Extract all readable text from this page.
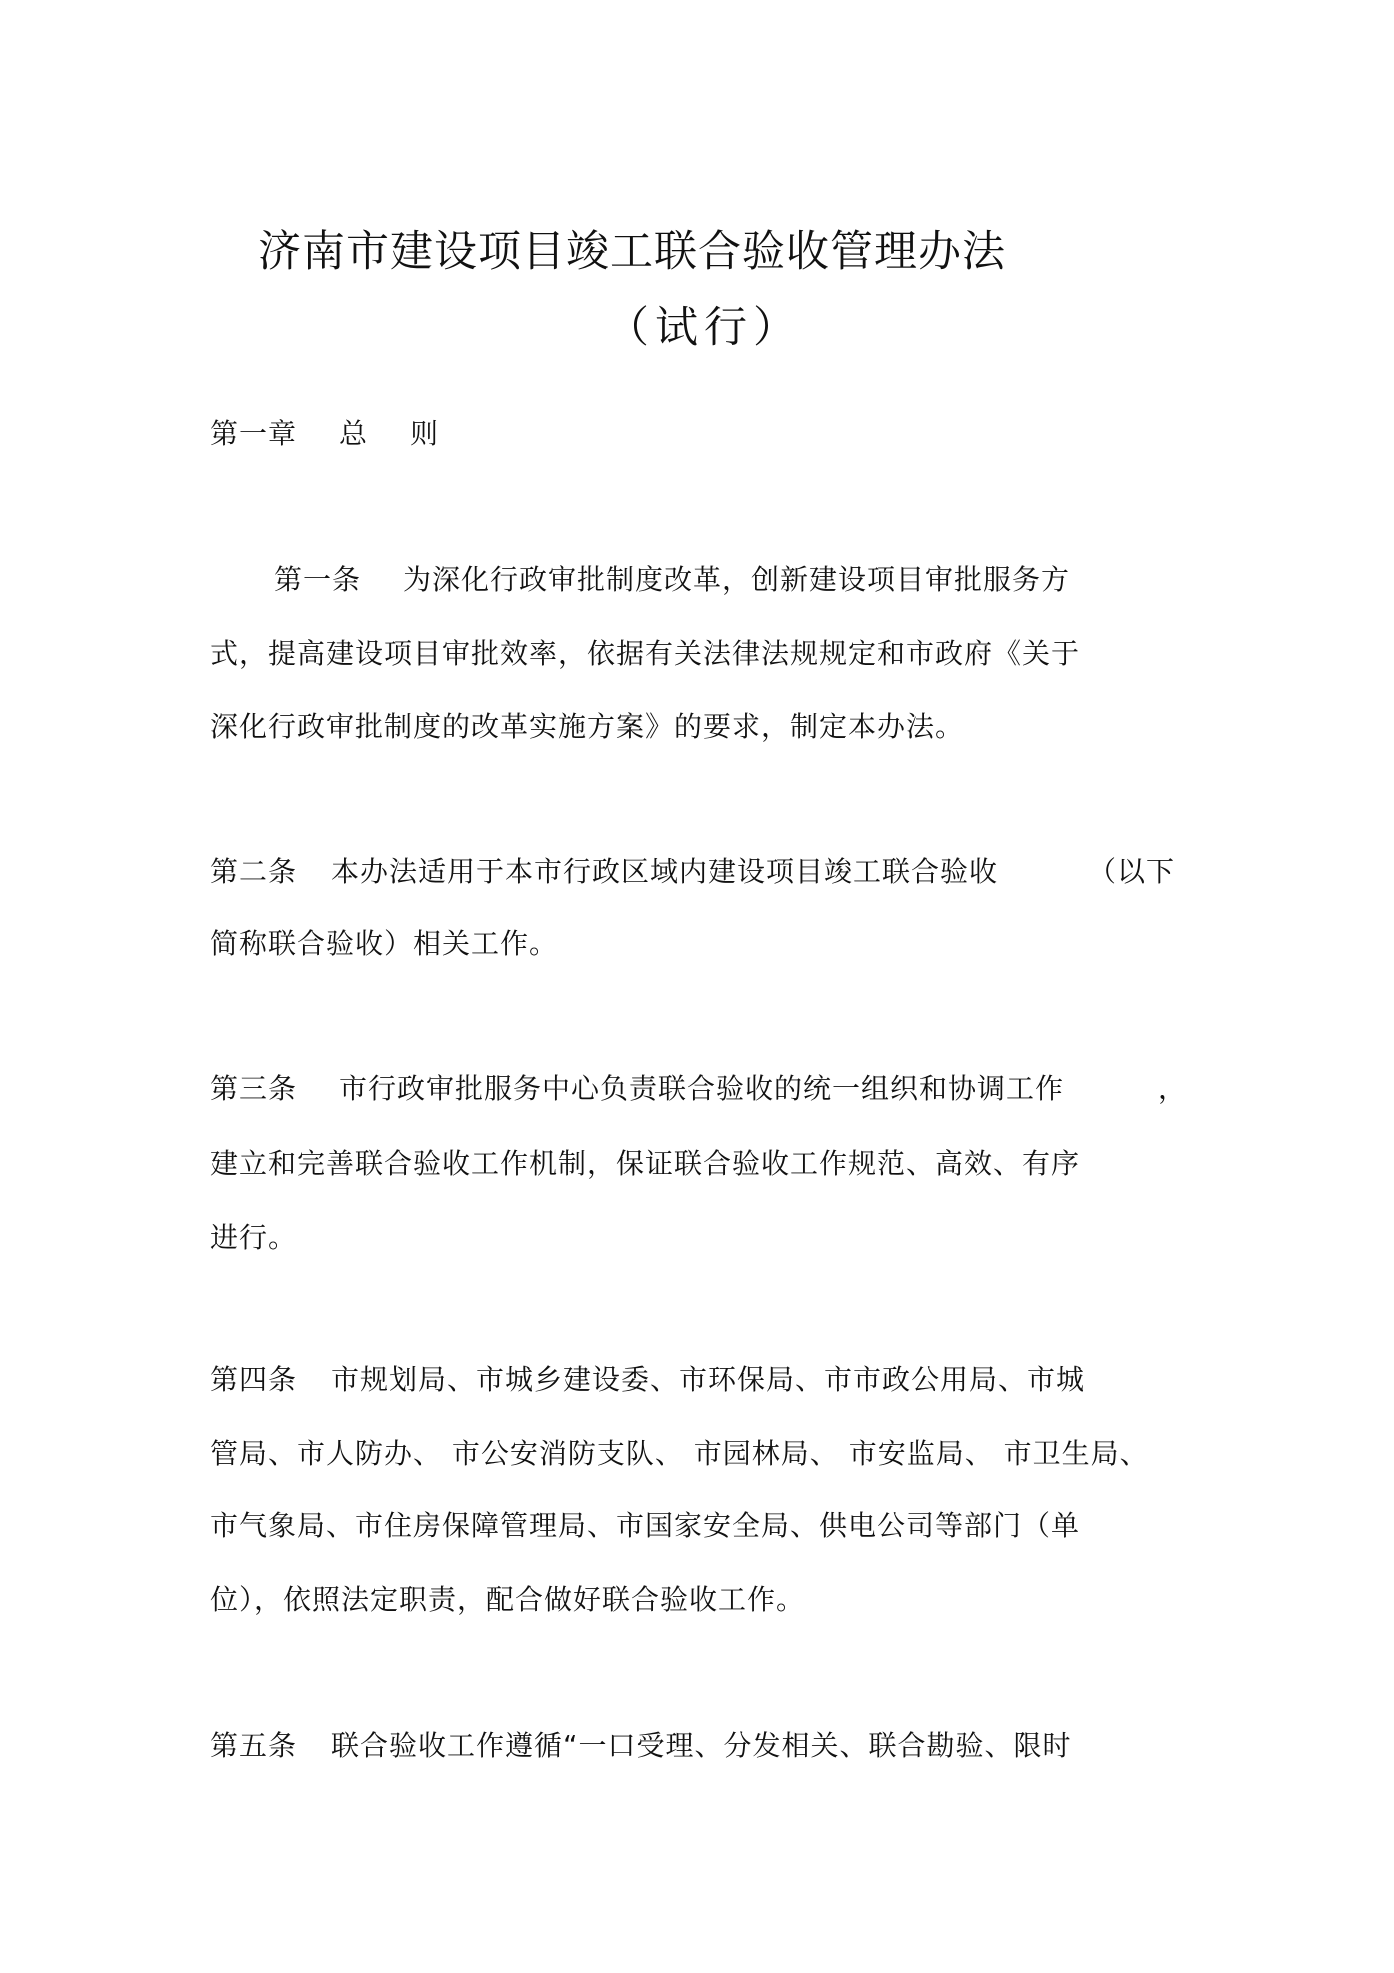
济南市建设项目竣工联合验收管理办法
（试行）
第一章 总 则
第一条 为深化行政审批制度改革，创新建设项目审批服务方
式，提高建设项目审批效率，依据有关法律法规规定和市政府《关于
深化行政审批制度的改革实施方案》的要求，制定本办法。
第二条 本办法适用于本市行政区域内建设项目竣工联合验收	（以下
简称联合验收）相关工作。
第三条 市行政审批服务中心负责联合验收的统一组织和协调工作	，
建立和完善联合验收工作机制，保证联合验收工作规范、高效、有序
进行。
第四条 市规划局、市城乡建设委、市环保局、市市政公用局、市城
管局、市人防办、 市公安消防支队、 市园林局、 市安监局、 市卫生局、
市气象局、市住房保障管理局、市国家安全局、供电公司等部门（单
位），依照法定职责，配合做好联合验收工作。
第五条 联合验收工作遵循“一口受理、分发相关、联合勘验、限时
